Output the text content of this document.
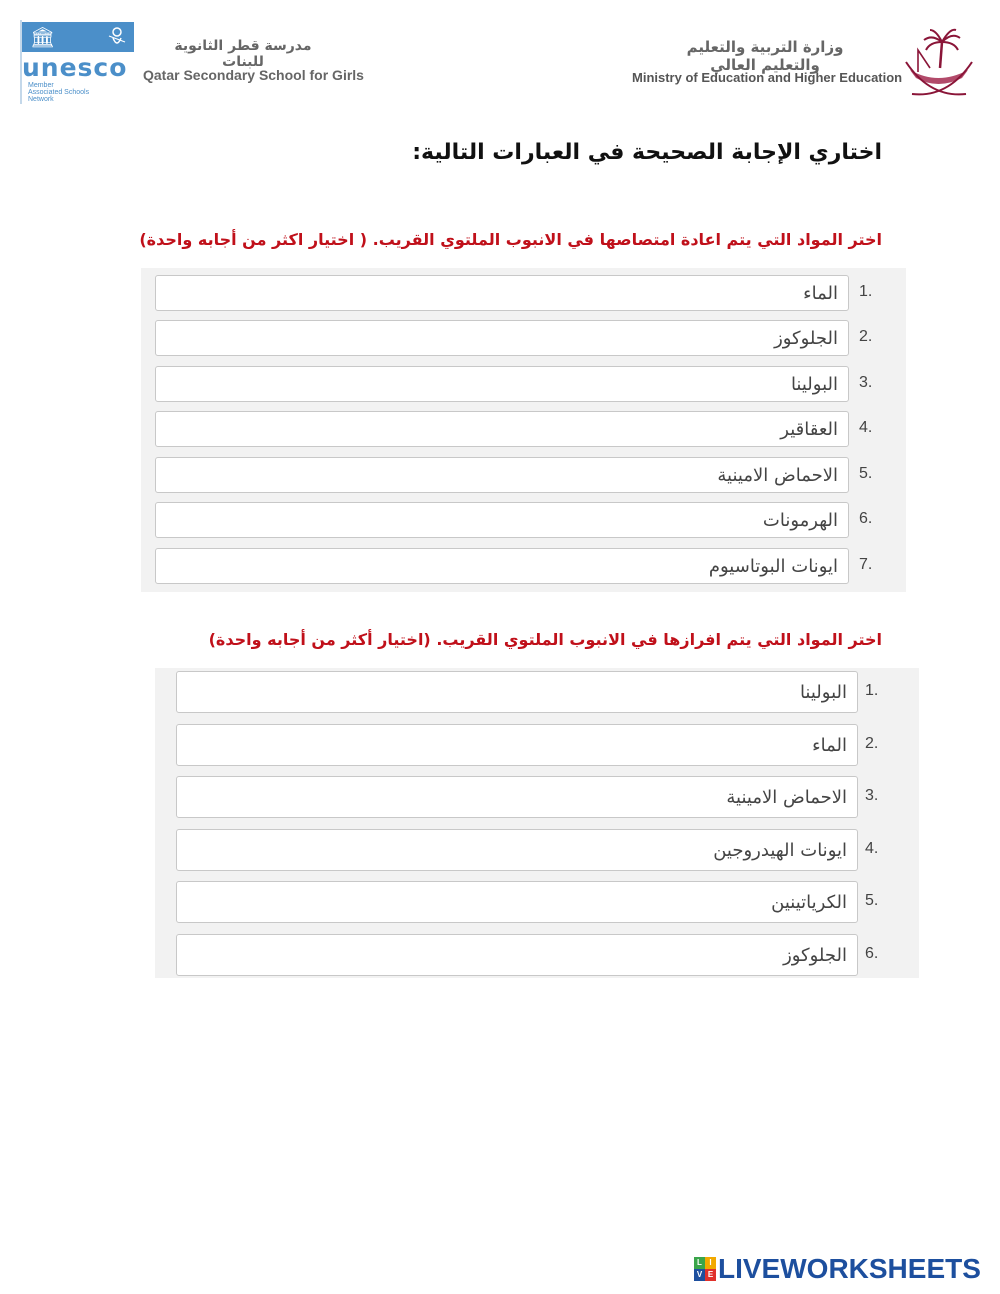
🏛
unesco
Member
Associated Schools
Network
مدرسة قطر الثانوية للبنات
Qatar Secondary School for Girls
وزارة التربية والتعليم والتعليم العالي
Ministry of Education and Higher Education
اختاري الإجابة الصحيحة في العبارات التالية:
اختر المواد التي يتم اعادة امتصاصها في الانبوب الملتوي القريب. ( اختيار اكثر من أجابه واحدة)
الماء	1.
الجلوكوز	2.
البولينا	3.
العقاقير	4.
الاحماض الامينية	5.
الهرمونات	6.
ايونات البوتاسيوم	7.
اختر المواد التي يتم افرازها في الانبوب الملتوي القريب. (اختيار أكثر من أجابه واحدة)
البولينا	1.
الماء	2.
الاحماض الامينية	3.
ايونات الهيدروجين	4.
الكرياتينين	5.
الجلوكوز	6.
L I
V E LIVEWORKSHEETS
